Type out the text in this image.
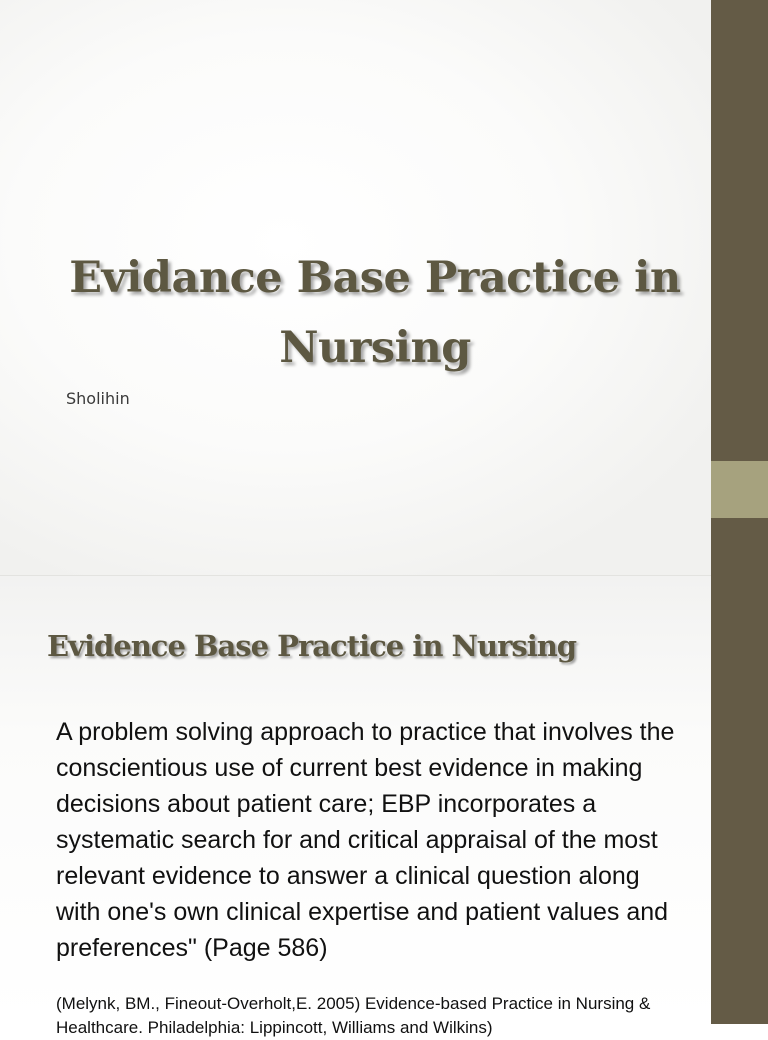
Evidance Base Practice in Nursing
Sholihin
Evidence Base Practice in Nursing

A problem solving approach to practice that involves the conscientious use of current best evidence in making decisions about patient care; EBP incorporates a systematic search for and critical appraisal of the most relevant evidence to answer a clinical question along with one's own clinical expertise and patient values and preferences" (Page 586)

(Melynk, BM., Fineout-Overholt,E. 2005) Evidence-based Practice in Nursing & Healthcare. Philadelphia: Lippincott, Williams and Wilkins)
